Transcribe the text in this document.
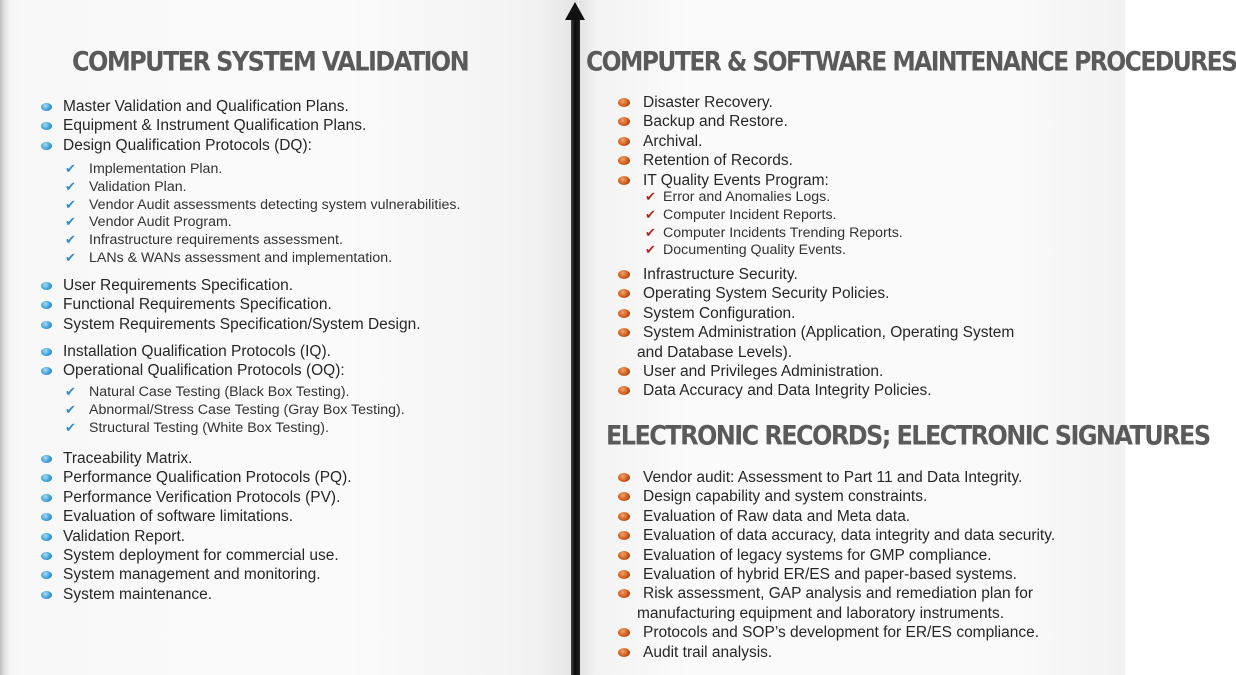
COMPUTER SYSTEM VALIDATION
Master Validation and Qualification Plans.
Equipment & Instrument Qualification Plans.
Design Qualification Protocols (DQ):
✔ Implementation Plan.
✔ Validation Plan.
✔ Vendor Audit assessments detecting system vulnerabilities.
✔ Vendor Audit Program.
✔ Infrastructure requirements assessment.
✔ LANs & WANs assessment and implementation.
User Requirements Specification.
Functional Requirements Specification.
System Requirements Specification/System Design.
Installation Qualification Protocols (IQ).
Operational Qualification Protocols (OQ):
✔ Natural Case Testing (Black Box Testing).
✔ Abnormal/Stress Case Testing (Gray Box Testing).
✔ Structural Testing (White Box Testing).
Traceability Matrix.
Performance Qualification Protocols (PQ).
Performance Verification Protocols (PV).
Evaluation of software limitations.
Validation Report.
System deployment for commercial use.
System management and monitoring.
System maintenance.
COMPUTER & SOFTWARE MAINTENANCE PROCEDURES
Disaster Recovery.
Backup and Restore.
Archival.
Retention of Records.
IT Quality Events Program:
✔ Error and Anomalies Logs.
✔ Computer Incident Reports.
✔ Computer Incidents Trending Reports.
✔ Documenting Quality Events.
Infrastructure Security.
Operating System Security Policies.
System Configuration.
System Administration (Application, Operating System
and Database Levels).
User and Privileges Administration.
Data Accuracy and Data Integrity Policies.
ELECTRONIC RECORDS; ELECTRONIC SIGNATURES
Vendor audit: Assessment to Part 11 and Data Integrity.
Design capability and system constraints.
Evaluation of Raw data and Meta data.
Evaluation of data accuracy, data integrity and data security.
Evaluation of legacy systems for GMP compliance.
Evaluation of hybrid ER/ES and paper-based systems.
Risk assessment, GAP analysis and remediation plan for
manufacturing equipment and laboratory instruments.
Protocols and SOP’s development for ER/ES compliance.
Audit trail analysis.
